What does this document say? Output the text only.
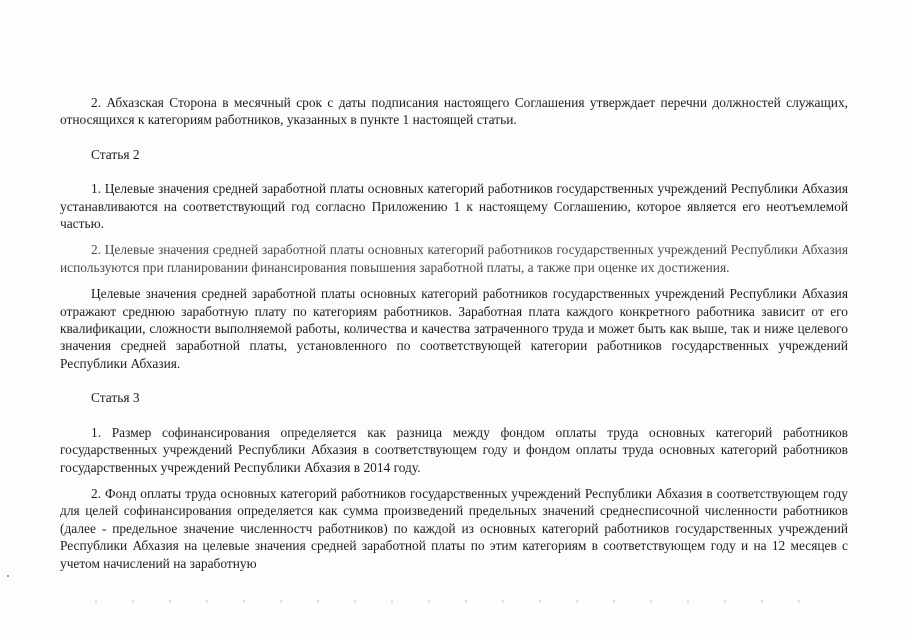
2. Абхазская Сторона в месячный срок с даты подписания настоящего Соглашения утверждает перечни должностей служащих, относящихся к категориям работников, указанных в пункте 1 настоящей статьи.

Статья 2

1. Целевые значения средней заработной платы основных категорий работников государственных учреждений Республики Абхазия устанавливаются на соответствующий год согласно Приложению 1 к настоящему Соглашению, которое является его неотъемлемой частью.

2. Целевые значения средней заработной платы основных категорий работников государственных учреждений Республики Абхазия используются при планировании финансирования повышения заработной платы, а также при оценке их достижения.

Целевые значения средней заработной платы основных категорий работников государственных учреждений Республики Абхазия отражают среднюю заработную плату по категориям работников. Заработная плата каждого конкретного работника зависит от его квалификации, сложности выполняемой работы, количества и качества затраченного труда и может быть как выше, так и ниже целевого значения средней заработной платы, установленного по соответствующей категории работников государственных учреждений Республики Абхазия.

Статья 3

1. Размер софинансирования определяется как разница между фондом оплаты труда основных категорий работников государственных учреждений Республики Абхазия в соответствующем году и фондом оплаты труда основных категорий работников государственных учреждений Республики Абхазия в 2014 году.

2. Фонд оплаты труда основных категорий работников государственных учреждений Республики Абхазия в соответствующем году для целей софинансирования определяется как сумма произведений предельных значений среднесписочной численности работников (далее - предельное значение численностч работников) по каждой из основных категорий работников государственных учреждений Республики Абхазия на целевые значения средней заработной платы по этим категориям в соответствующем году и на 12 месяцев с учетом начислений на заработную
